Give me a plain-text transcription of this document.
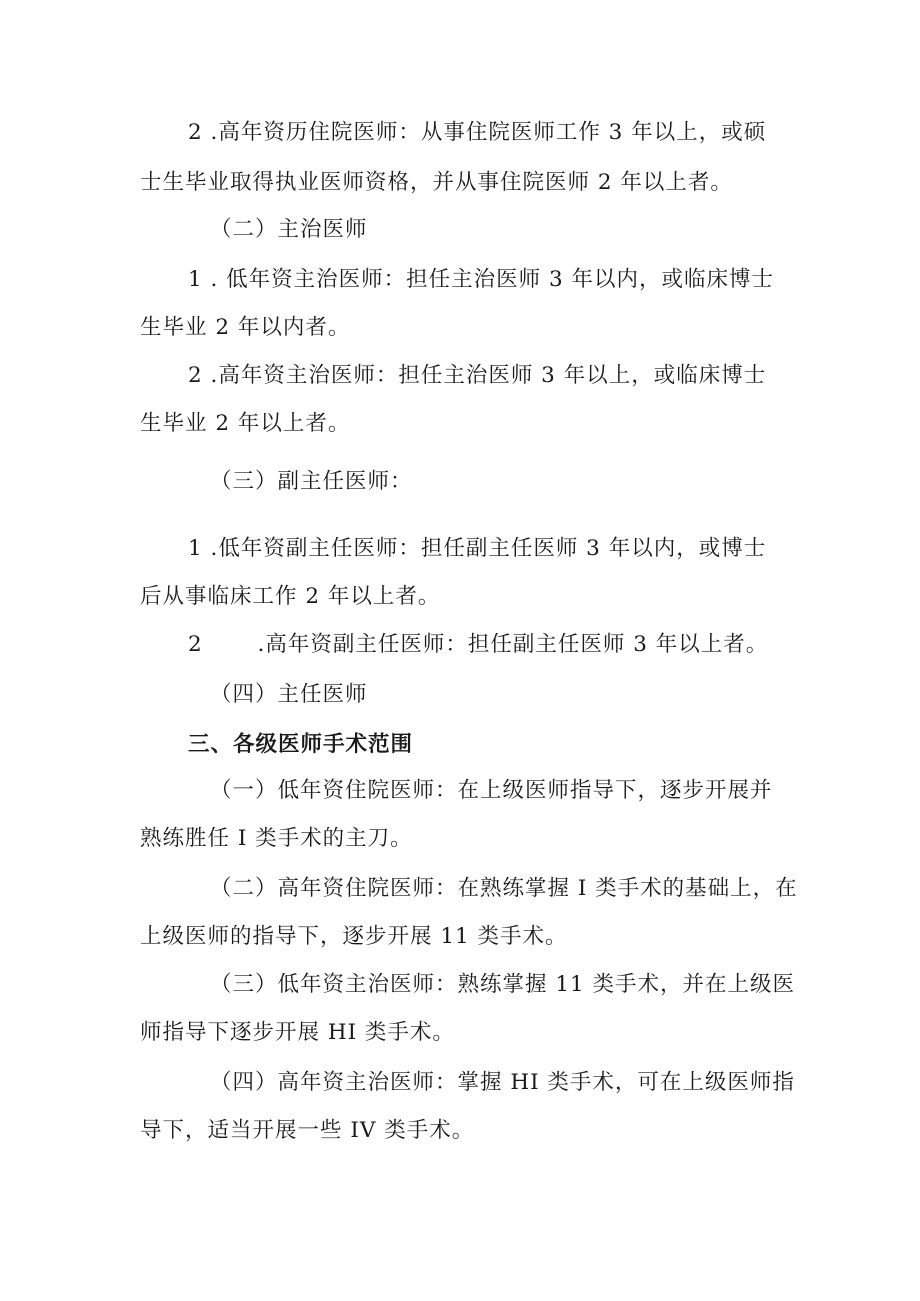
2 .高年资历住院医师：从事住院医师工作 3 年以上，或硕
士生毕业取得执业医师资格，并从事住院医师 2 年以上者。
（二）主治医师
1 . 低年资主治医师：担任主治医师 3 年以内，或临床博士
生毕业 2 年以内者。
2 .高年资主治医师：担任主治医师 3 年以上，或临床博士
生毕业 2 年以上者。
（三）副主任医师：
1 .低年资副主任医师：担任副主任医师 3 年以内，或博士
后从事临床工作 2 年以上者。
2       .高年资副主任医师：担任副主任医师 3 年以上者。
（四）主任医师
三、各级医师手术范围
（一）低年资住院医师：在上级医师指导下，逐步开展并
熟练胜任 I 类手术的主刀。
（二）高年资住院医师：在熟练掌握 I 类手术的基础上，在
上级医师的指导下，逐步开展 11 类手术。
（三）低年资主治医师：熟练掌握 11 类手术，并在上级医
师指导下逐步开展 HI 类手术。
（四）高年资主治医师：掌握 HI 类手术，可在上级医师指
导下，适当开展一些 IV 类手术。
